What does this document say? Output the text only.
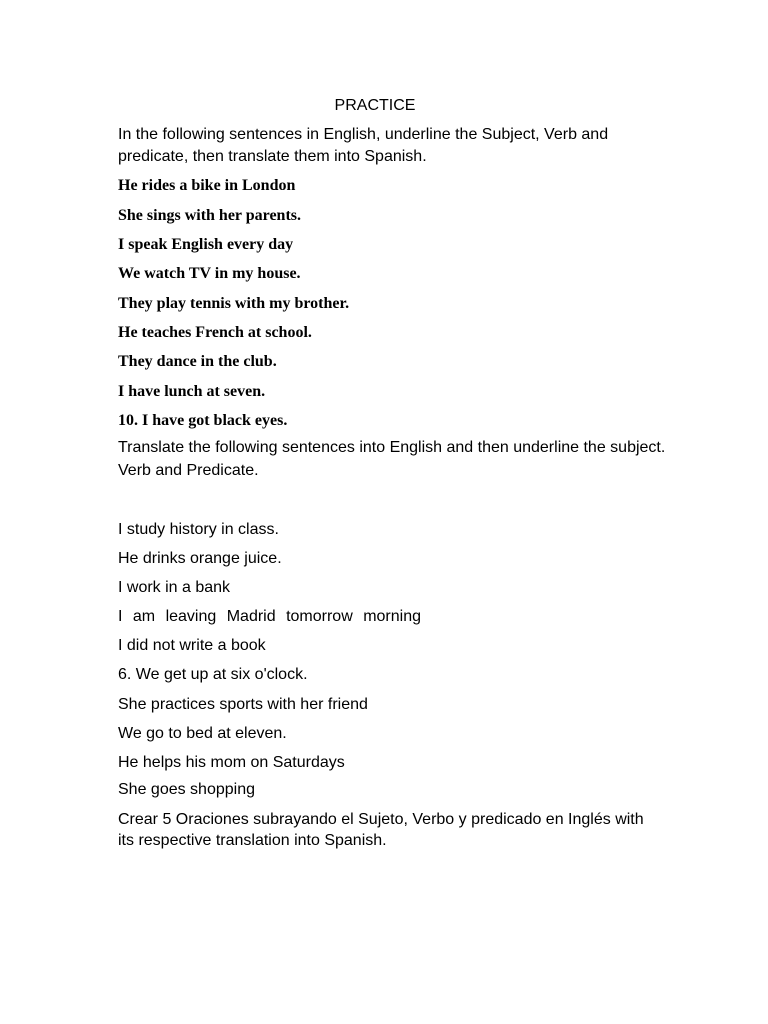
PRACTICE
In the following sentences in English, underline the Subject, Verb and predicate, then translate them into Spanish.
He rides a bike in London
She sings with her parents.
I speak English every day
We watch TV in my house.
They play tennis with my brother.
He teaches French at school.
They dance in the club.
I have lunch at seven.
10. I have got black eyes.
Translate the following sentences into English and then underline the subject.
Verb and Predicate.
I study history in class.
He drinks orange juice.
I work in a bank
I am leaving Madrid tomorrow morning
I did not write a book
6. We get up at six o'clock.
She practices sports with her friend
We go to bed at eleven.
He helps his mom on Saturdays
She goes shopping
Crear 5 Oraciones subrayando el Sujeto, Verbo y predicado en Inglés with its respective translation into Spanish.
